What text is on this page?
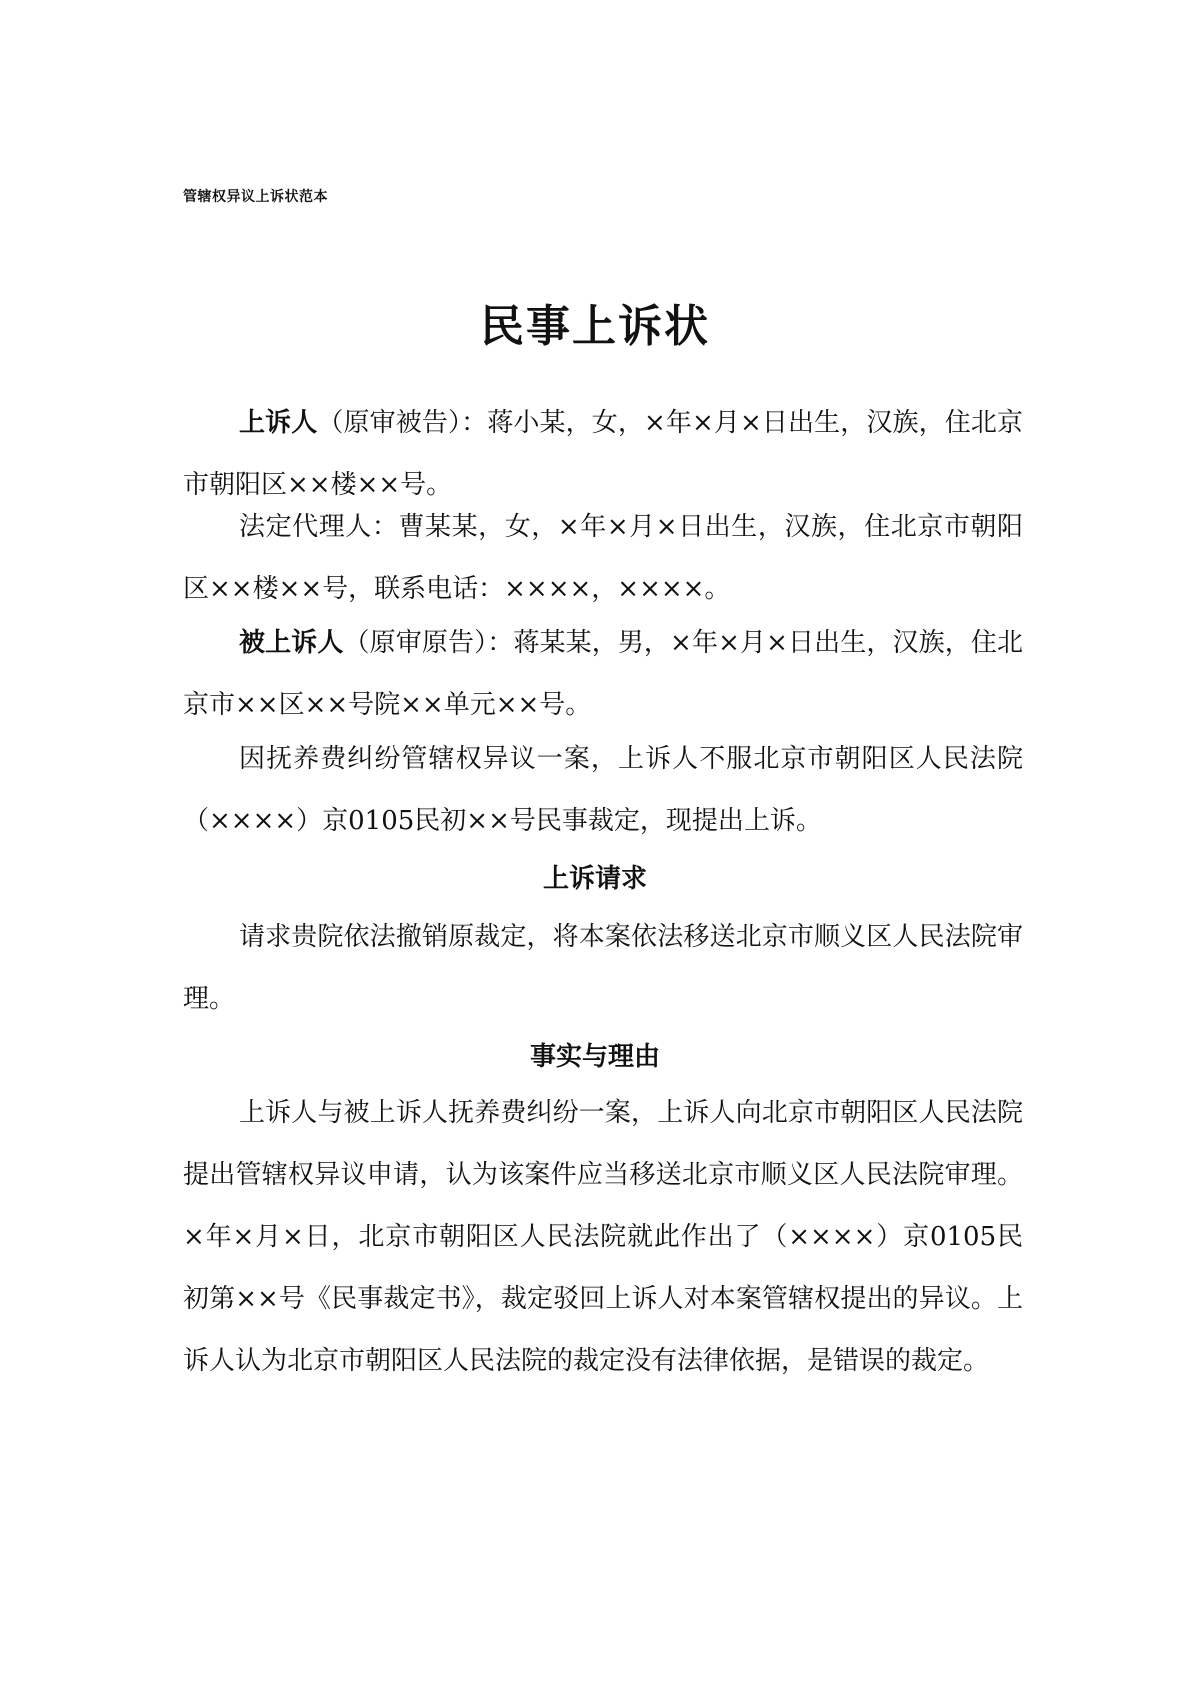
管辖权异议上诉状范本
民事上诉状
上诉人（原审被告）：蒋小某，女，×年×月×日出生，汉族，住北京市朝阳区××楼××号。
法定代理人：曹某某，女，×年×月×日出生，汉族，住北京市朝阳区××楼××号，联系电话：××××，××××。
被上诉人（原审原告）：蒋某某，男，×年×月×日出生，汉族，住北京市××区××号院××单元××号。
因抚养费纠纷管辖权异议一案，上诉人不服北京市朝阳区人民法院（××××）京0105民初××号民事裁定，现提出上诉。
上诉请求
请求贵院依法撤销原裁定，将本案依法移送北京市顺义区人民法院审理。
事实与理由
上诉人与被上诉人抚养费纠纷一案，上诉人向北京市朝阳区人民法院提出管辖权异议申请，认为该案件应当移送北京市顺义区人民法院审理。×年×月×日，北京市朝阳区人民法院就此作出了（××××）京0105民初第××号《民事裁定书》，裁定驳回上诉人对本案管辖权提出的异议。上诉人认为北京市朝阳区人民法院的裁定没有法律依据，是错误的裁定。
